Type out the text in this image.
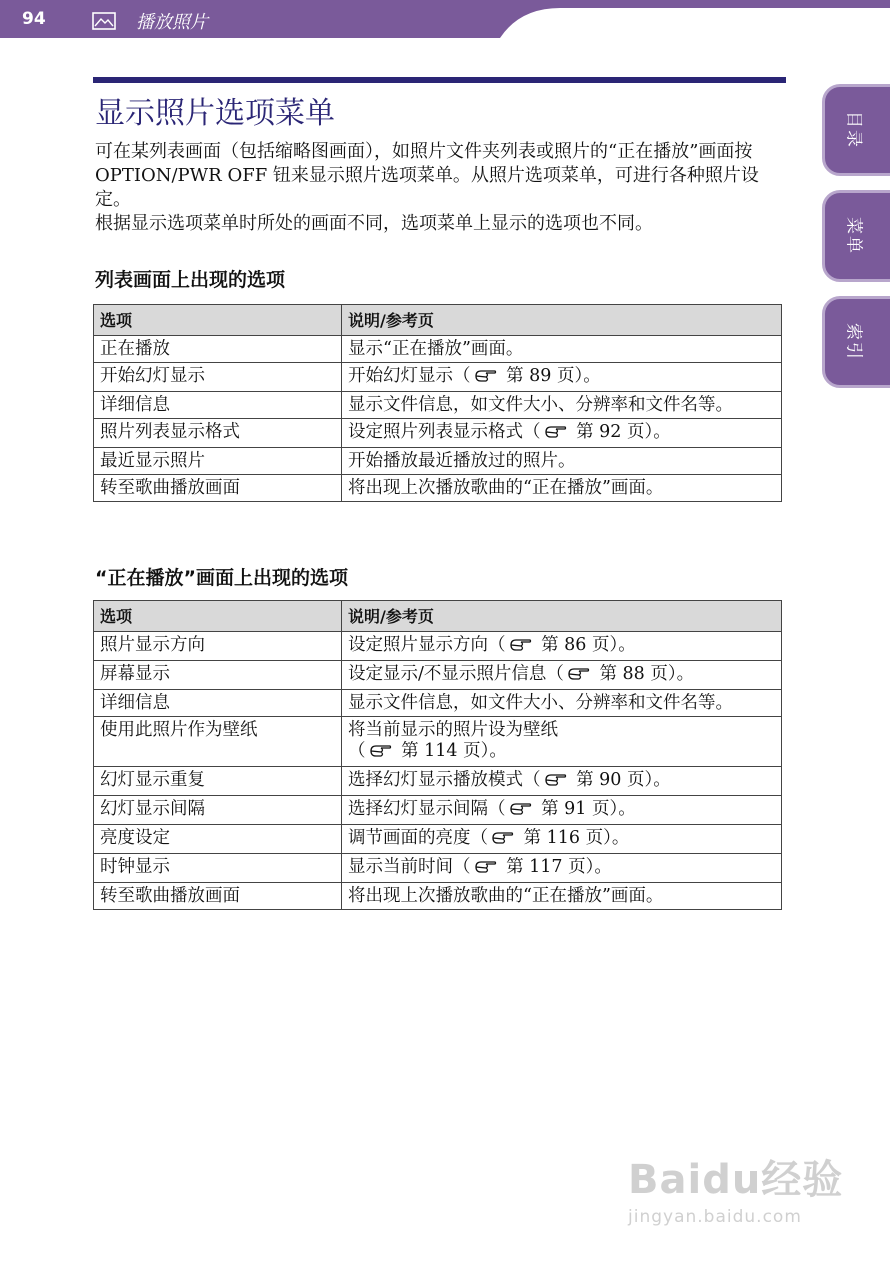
94	播放照片
目录
菜单
索引
显示照片选项菜单

可在某列表画面（包括缩略图画面），如照片文件夹列表或照片的“正在播放”画面按 OPTION/PWR OFF 钮来显示照片选项菜单。从照片选项菜单，可进行各种照片设定。

根据显示选项菜单时所处的画面不同，选项菜单上显示的选项也不同。

列表画面上出现的选项
选项	说明/参考页
正在播放	显示“正在播放”画面。
开始幻灯显示	开始幻灯显示（ 第 89 页）。
详细信息	显示文件信息，如文件大小、分辨率和文件名等。
照片列表显示格式	设定照片列表显示格式（ 第 92 页）。
最近显示照片	开始播放最近播放过的照片。
转至歌曲播放画面	将出现上次播放歌曲的“正在播放”画面。
“正在播放”画面上出现的选项
选项	说明/参考页
照片显示方向	设定照片显示方向（ 第 86 页）。
屏幕显示	设定显示/不显示照片信息（ 第 88 页）。
详细信息	显示文件信息，如文件大小、分辨率和文件名等。
使用此照片作为壁纸	将当前显示的照片设为壁纸
（ 第 114 页）。
幻灯显示重复	选择幻灯显示播放模式（ 第 90 页）。
幻灯显示间隔	选择幻灯显示间隔（ 第 91 页）。
亮度设定	调节画面的亮度（ 第 116 页）。
时钟显示	显示当前时间（ 第 117 页）。
转至歌曲播放画面	将出现上次播放歌曲的“正在播放”画面。
Baidu经验
jingyan.baidu.com
